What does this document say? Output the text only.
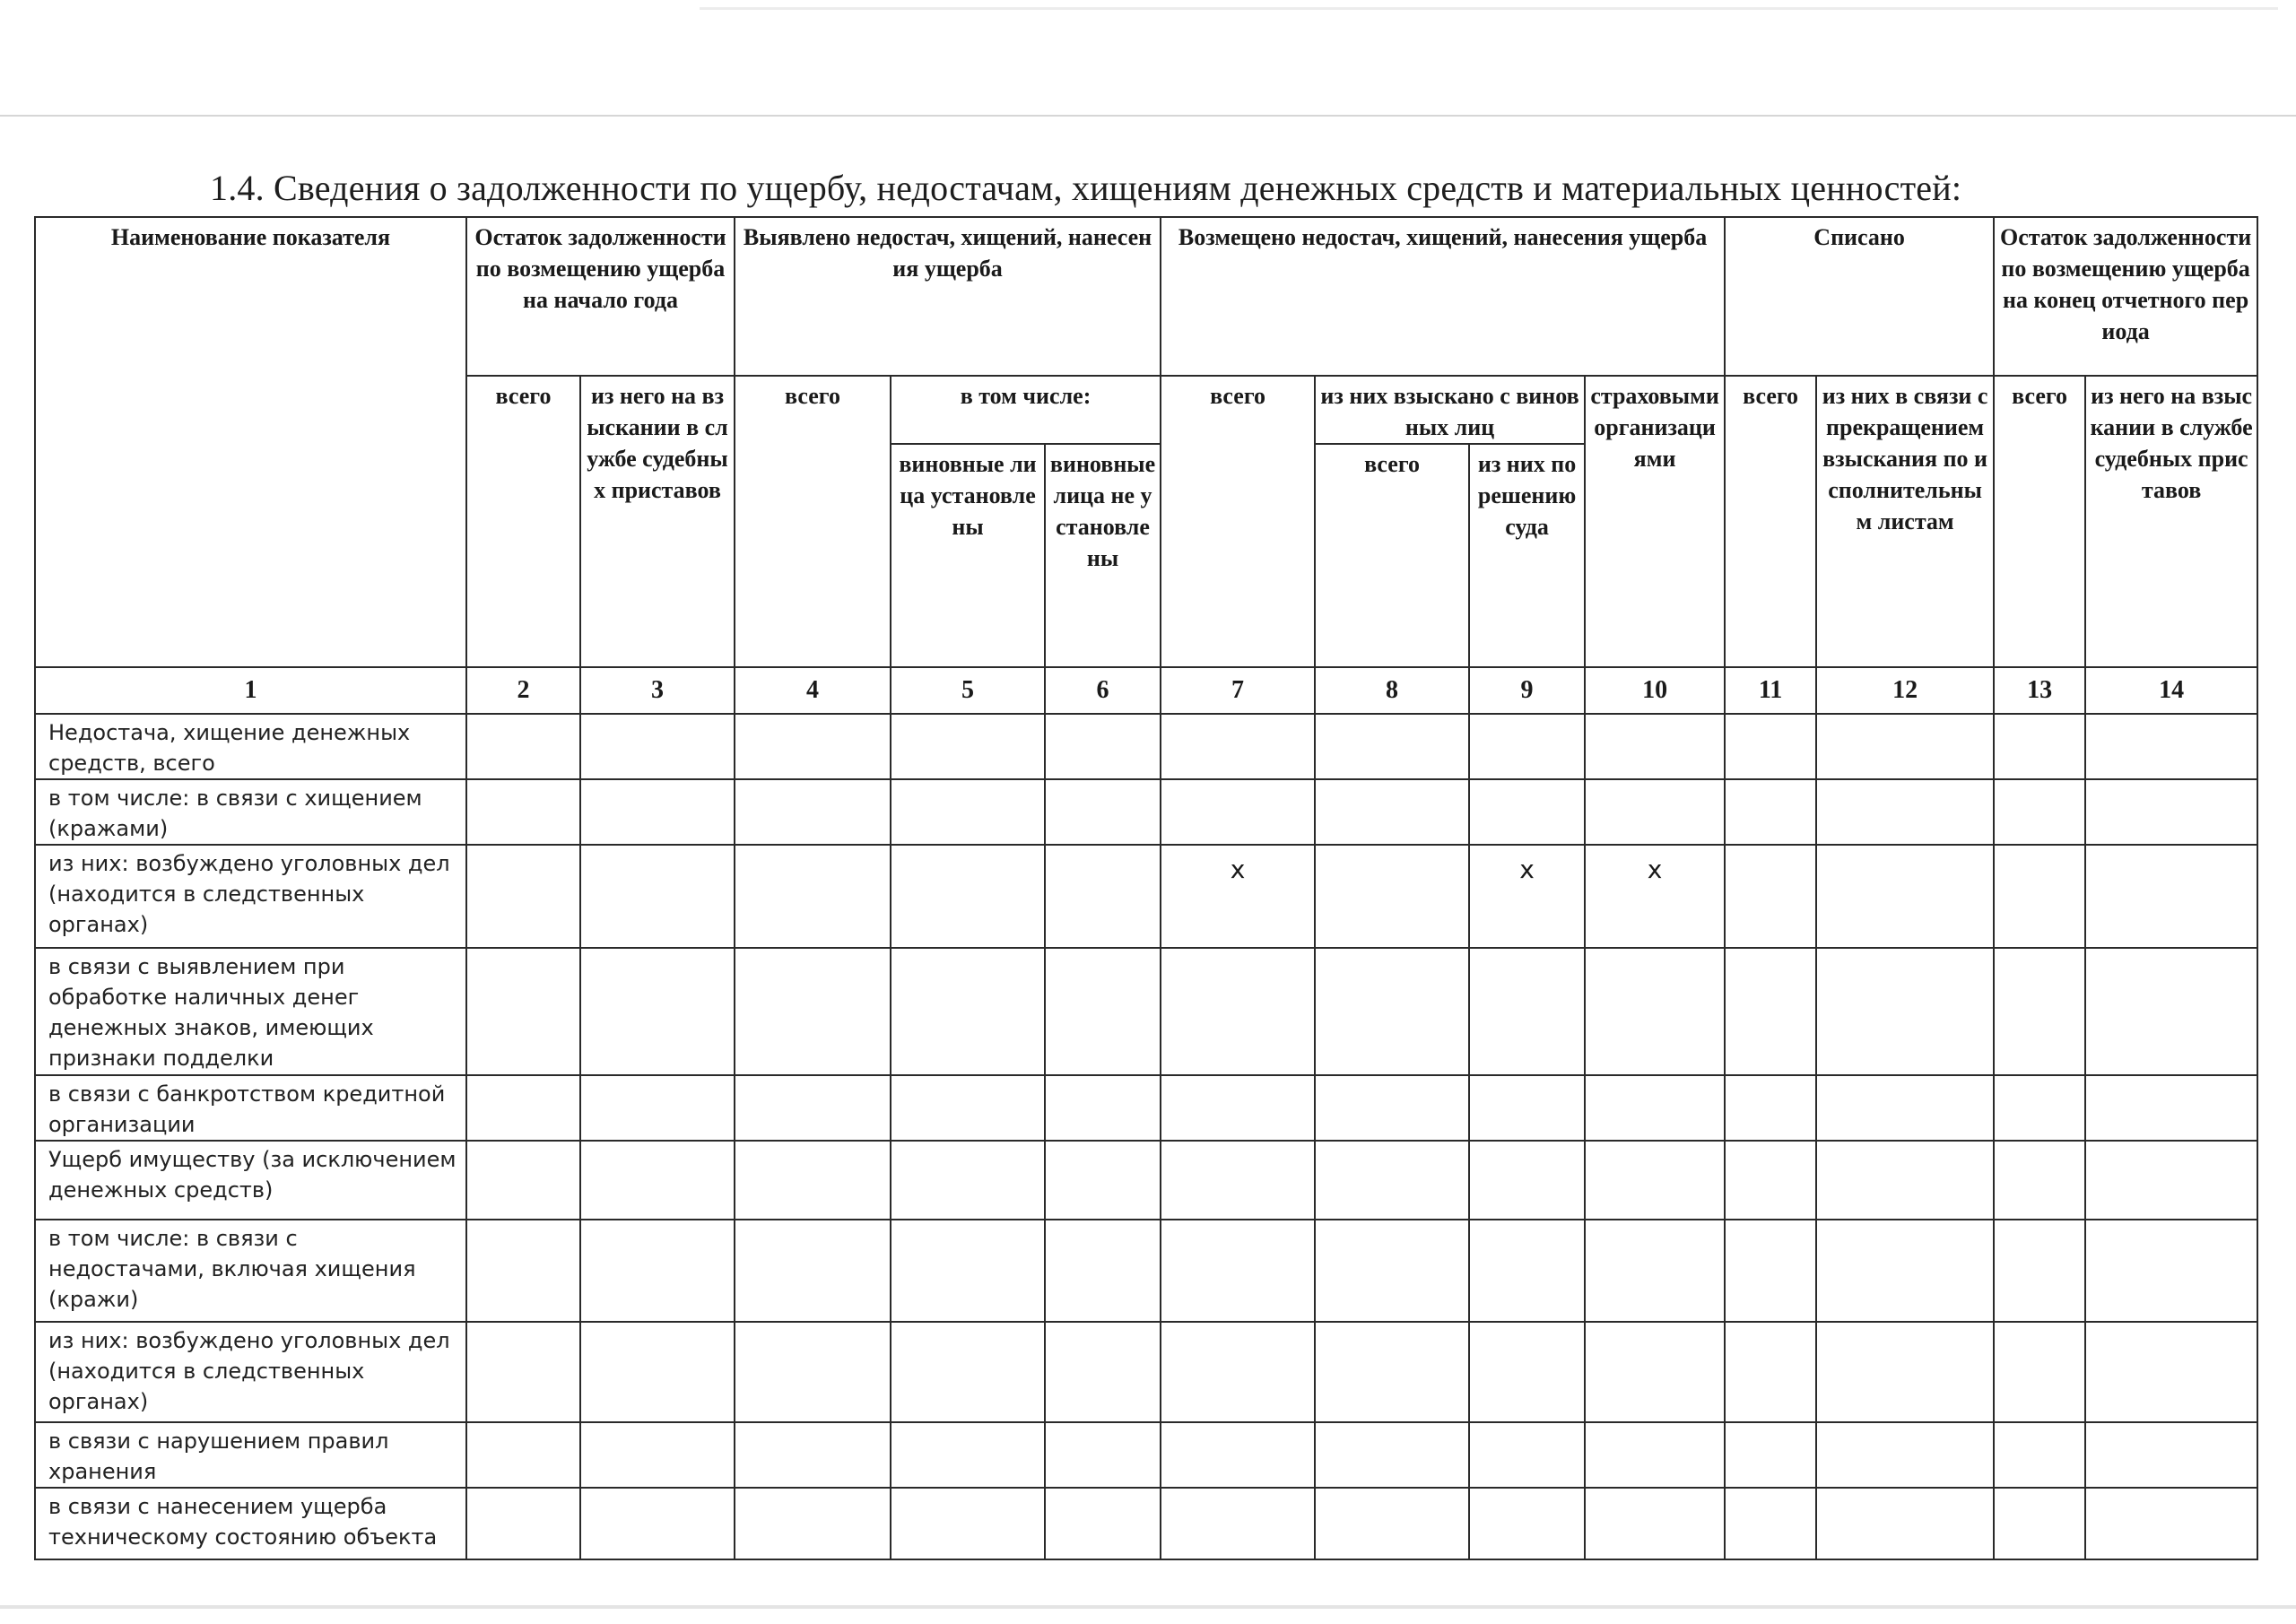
1.4. Сведения о задолженности по ущербу, недостачам, хищениям денежных средств и материальных ценностей:
Наименование показателя	Остаток задолженности по возмещению ущерба на начало года		Выявлено недостач, хищений, нанесения ущерба			Возмещено недостач, хищений, нанесения ущерба				Списано		Остаток задолженности по возмещению ущерба на конец отчетного периода	
	всего	из него на взыскании в службе судебных приставов	всего	в том числе:		всего	из них взыскано с виновных лиц		страховыми организациями	всего	из них в связи с прекращением взыскания по исполнительным листам	всего	из него на взыскании в службе судебных приставов
				виновные лица установлены	виновные лица не установлены		всего	из них по решению суда					
1	2	3	4	5	6	7	8	9	10	11	12	13	14
Недостача, хищение денежных средств, всего													
в том числе: в связи с хищением (кражами)													
из них: возбуждено уголовных дел (находится в следственных органах)						x		x	x				
в связи с выявлением при обработке наличных денег денежных знаков, имеющих признаки подделки													
в связи с банкротством кредитной организации													
Ущерб имуществу (за исключением денежных средств)													
в том числе: в связи с недостачами, включая хищения (кражи)													
из них: возбуждено уголовных дел (находится в следственных органах)													
в связи с нарушением правил хранения													
в связи с нанесением ущерба техническому состоянию объекта													
